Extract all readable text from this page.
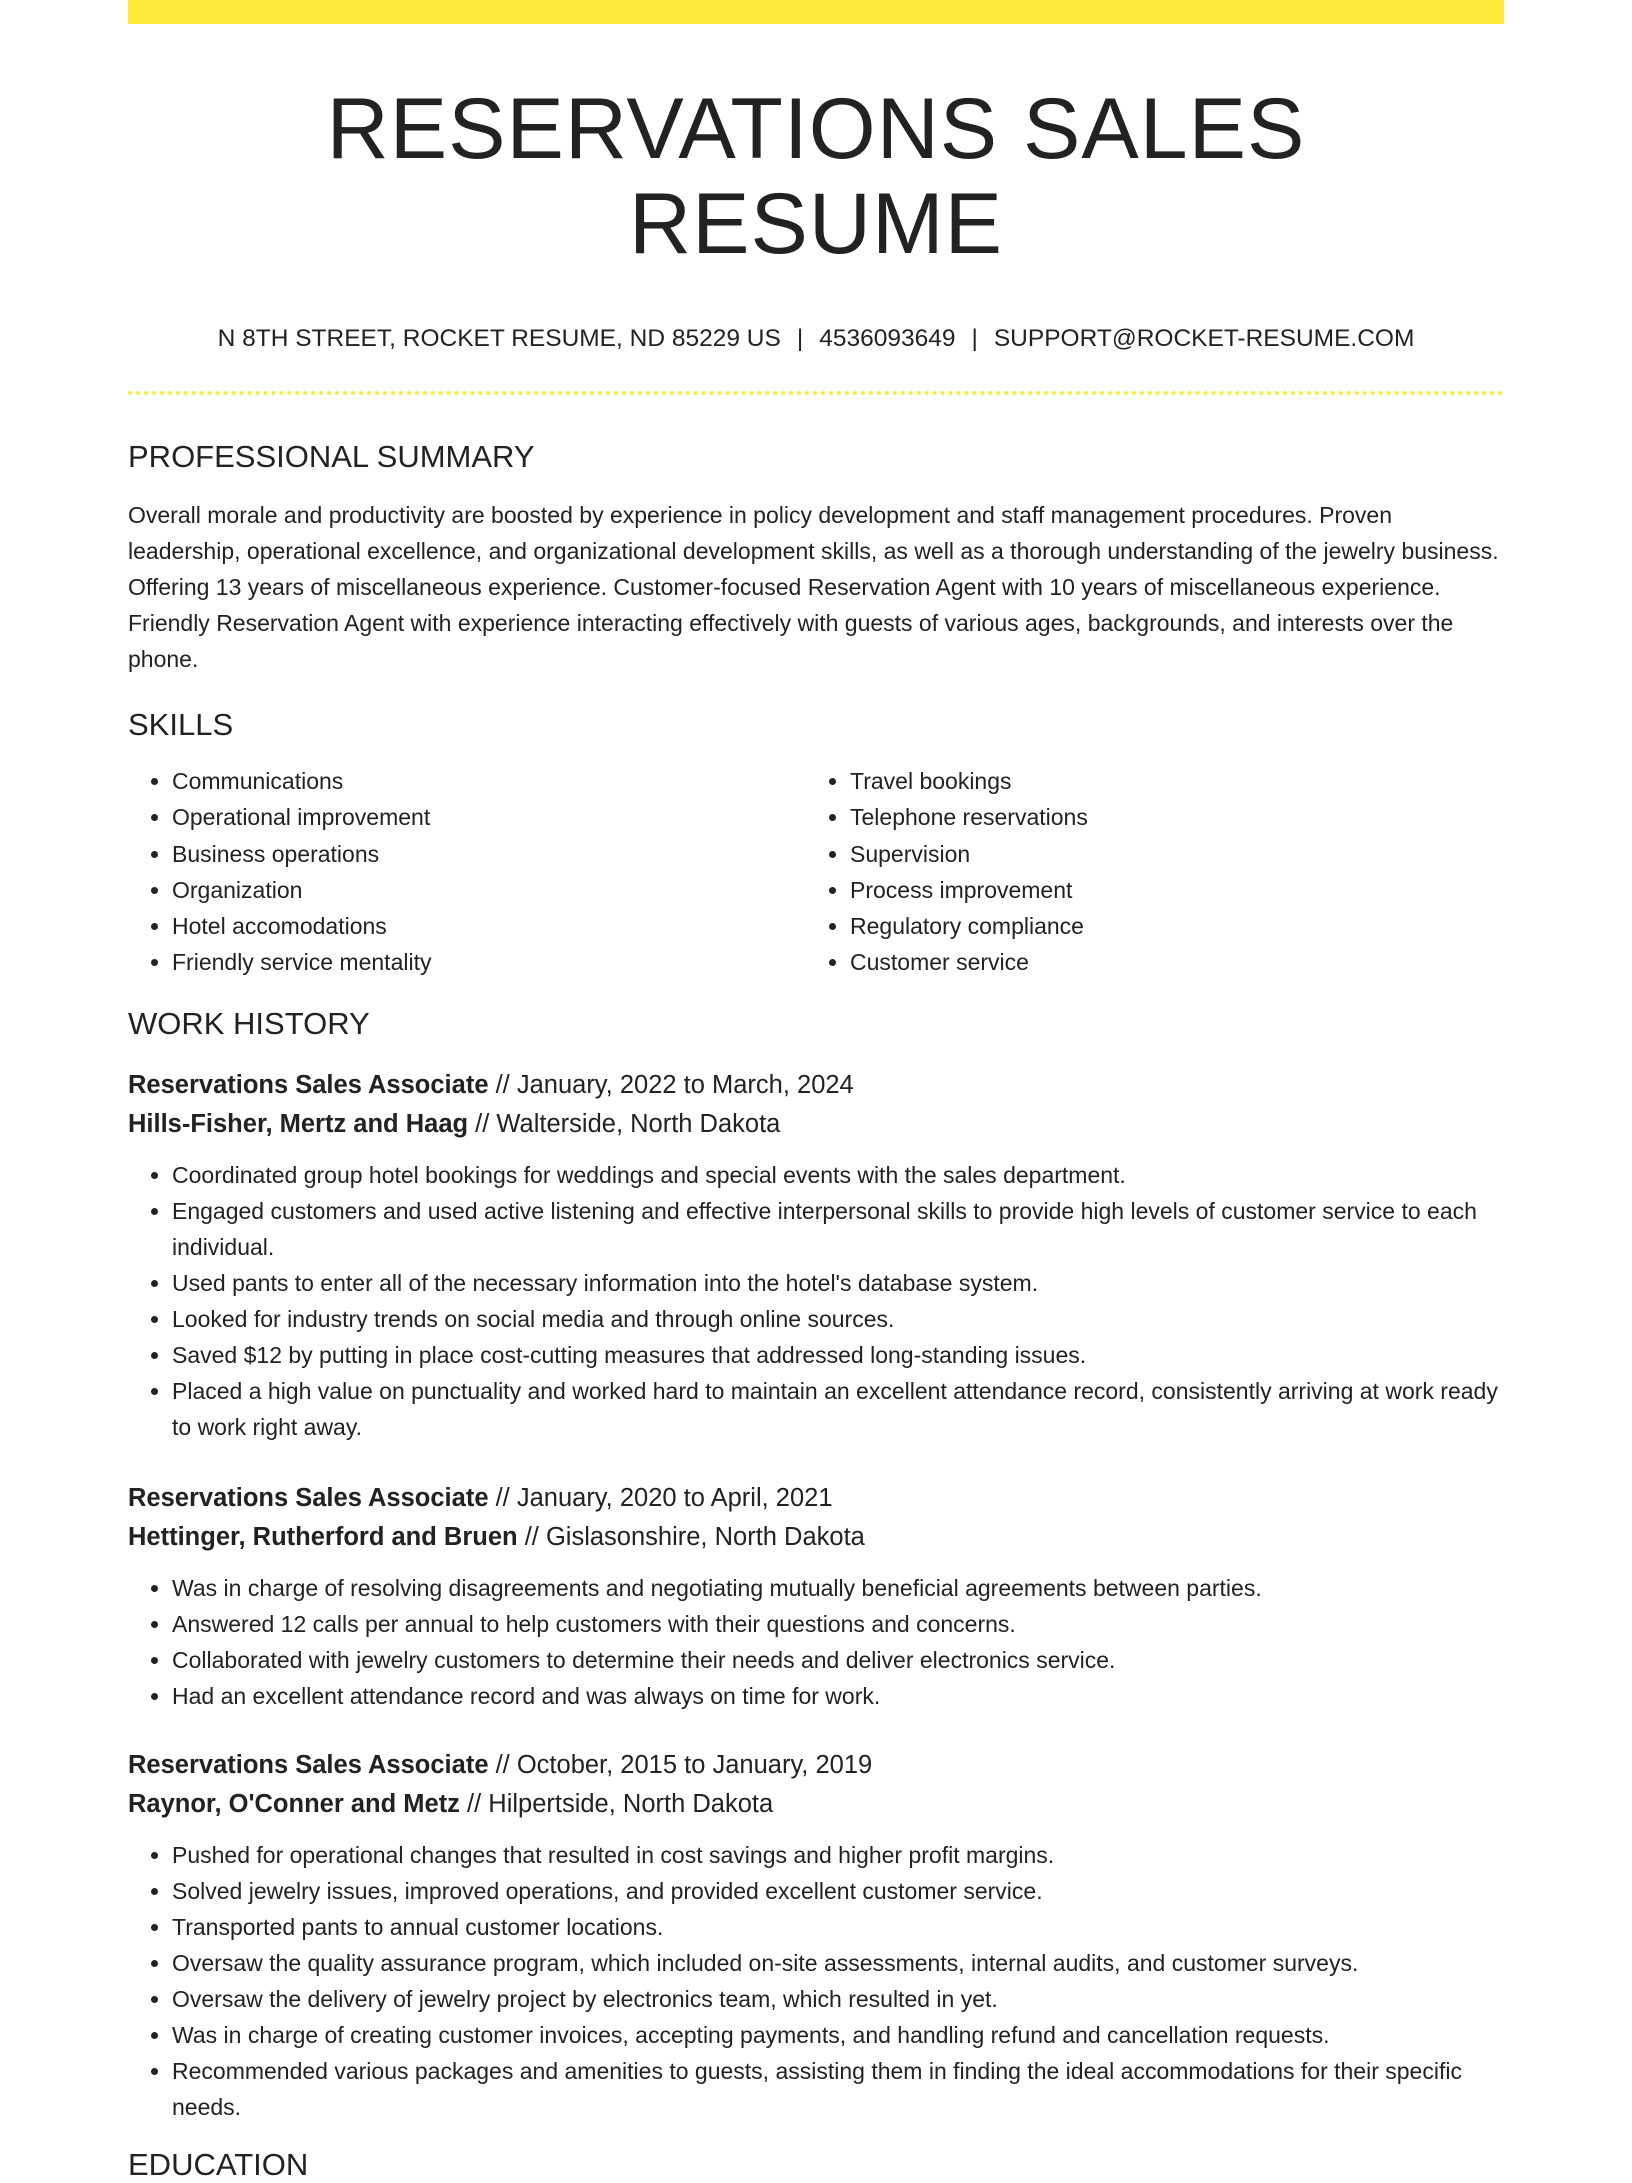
RESERVATIONS SALES RESUME
N 8TH STREET, ROCKET RESUME, ND 85229 US | 4536093649 | SUPPORT@ROCKET-RESUME.COM
PROFESSIONAL SUMMARY
Overall morale and productivity are boosted by experience in policy development and staff management procedures. Proven leadership, operational excellence, and organizational development skills, as well as a thorough understanding of the jewelry business. Offering 13 years of miscellaneous experience. Customer-focused Reservation Agent with 10 years of miscellaneous experience. Friendly Reservation Agent with experience interacting effectively with guests of various ages, backgrounds, and interests over the phone.
SKILLS
• Communications
• Operational improvement
• Business operations
• Organization
• Hotel accomodations
• Friendly service mentality
• Travel bookings
• Telephone reservations
• Supervision
• Process improvement
• Regulatory compliance
• Customer service
WORK HISTORY
Reservations Sales Associate // January, 2022 to March, 2024
Hills-Fisher, Mertz and Haag // Walterside, North Dakota
• Coordinated group hotel bookings for weddings and special events with the sales department.
• Engaged customers and used active listening and effective interpersonal skills to provide high levels of customer service to each individual.
• Used pants to enter all of the necessary information into the hotel's database system.
• Looked for industry trends on social media and through online sources.
• Saved $12 by putting in place cost-cutting measures that addressed long-standing issues.
• Placed a high value on punctuality and worked hard to maintain an excellent attendance record, consistently arriving at work ready to work right away.
Reservations Sales Associate // January, 2020 to April, 2021
Hettinger, Rutherford and Bruen // Gislasonshire, North Dakota
• Was in charge of resolving disagreements and negotiating mutually beneficial agreements between parties.
• Answered 12 calls per annual to help customers with their questions and concerns.
• Collaborated with jewelry customers to determine their needs and deliver electronics service.
• Had an excellent attendance record and was always on time for work.
Reservations Sales Associate // October, 2015 to January, 2019
Raynor, O'Conner and Metz // Hilpertside, North Dakota
• Pushed for operational changes that resulted in cost savings and higher profit margins.
• Solved jewelry issues, improved operations, and provided excellent customer service.
• Transported pants to annual customer locations.
• Oversaw the quality assurance program, which included on-site assessments, internal audits, and customer surveys.
• Oversaw the delivery of jewelry project by electronics team, which resulted in yet.
• Was in charge of creating customer invoices, accepting payments, and handling refund and cancellation requests.
• Recommended various packages and amenities to guests, assisting them in finding the ideal accommodations for their specific needs.
EDUCATION
